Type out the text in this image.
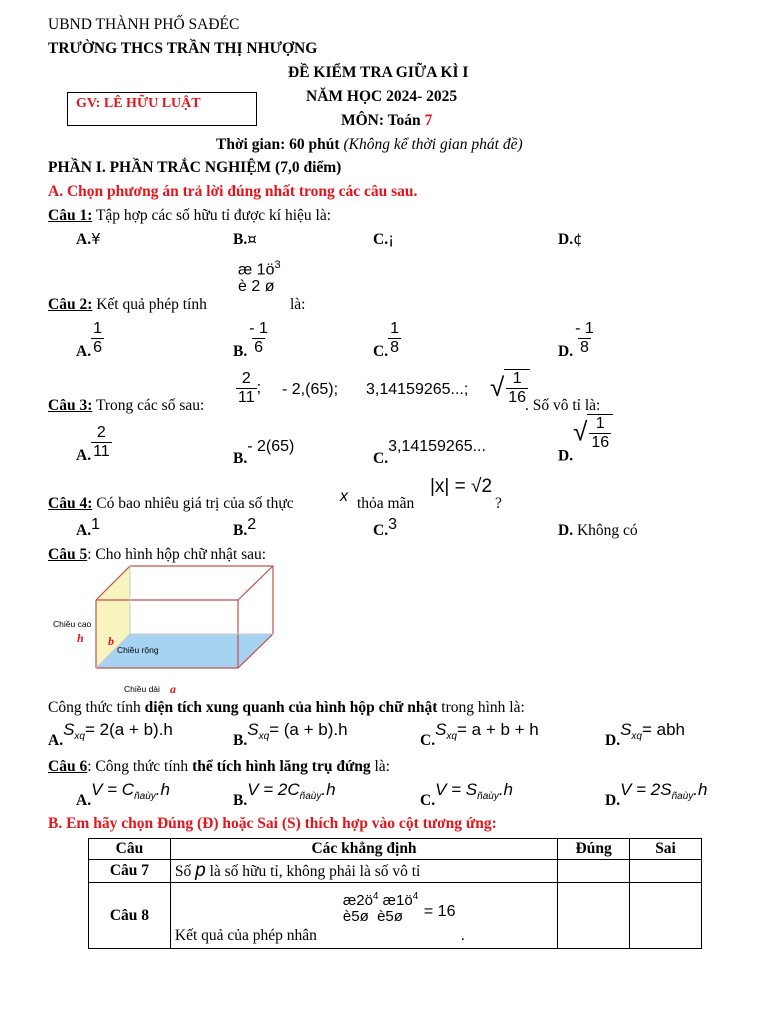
UBND THÀNH PHỐ SAĐÉC
TRƯỜNG THCS TRẦN THỊ NHƯỢNG
ĐỀ KIỂM TRA GIỮA KÌ I
NĂM HỌC 2024- 2025
MÔN: Toán 7
GV: LÊ HỮU LUẬT
Thời gian: 60 phút (Không kể thời gian phát đề)
PHẦN I. PHẦN TRẮC NGHIỆM (7,0 điểm)
A. Chọn phương án trả lời đúng nhất trong các câu sau.
Câu 1: Tập hợp các số hữu tỉ được kí hiệu là:
A.¥	B.¤	C.¡	D.¢
æ $1ö^3$
è 2 ø
Câu 2: Kết quả phép tính	là:
A. $\frac{1}{6}$	B. $\frac{- 1}{6}$	C. $\frac{1}{8}$	D. $\frac{- 1}{8}$
Câu 3: Trong các số sau: $\frac{2}{11}$ ; - 2,(65); 3,14159265...; √ $\frac{1}{16}$
. Số vô tỉ là:
A. $\frac{2}{11}$	B.- 2(65)
C.3,14159265...
$D.√ \frac{1}{16}$
Câu 4: Có bao nhiêu giá trị của số thực	x thỏa mãn
|x| = √2
?
A.1	B.2	C.3	D. Không có
Câu 5: Cho hình hộp chữ nhật sau:
Chiều cao
h b
Chiều rộng
Chiều dài a
Công thức tính diện tích xung quanh của hình hộp chữ nhật trong hình là:
$A.S_{xq}= 2(a + b).h$
$B.S_{xq}= (a + b).h$
$C.S_{xq}= a + b + h$
$D.S_{xq}=$ abh
Câu 6: Công thức tính thể tích hình lăng trụ đứng là:
$A.V = C_{ñaùy}.h$
$B.V = 2C_{ñaùy}.h$
$C.V = S_{ñaùy}.h$
$D.V = 2S_{ñaùy}.h$
B. Em hãy chọn Đúng (Đ) hoặc Sai (S) thích hợp vào cột tương ứng:
Câu	Các khẳng định	Đúng	Sai
Câu 7	Số p là số hữu tỉ, không phải là số vô tỉ		
Câu 8	$æ2ö^4$ $æ1ö^4$
è5ø è5ø = 16
Kết quả của phép nhân .		
